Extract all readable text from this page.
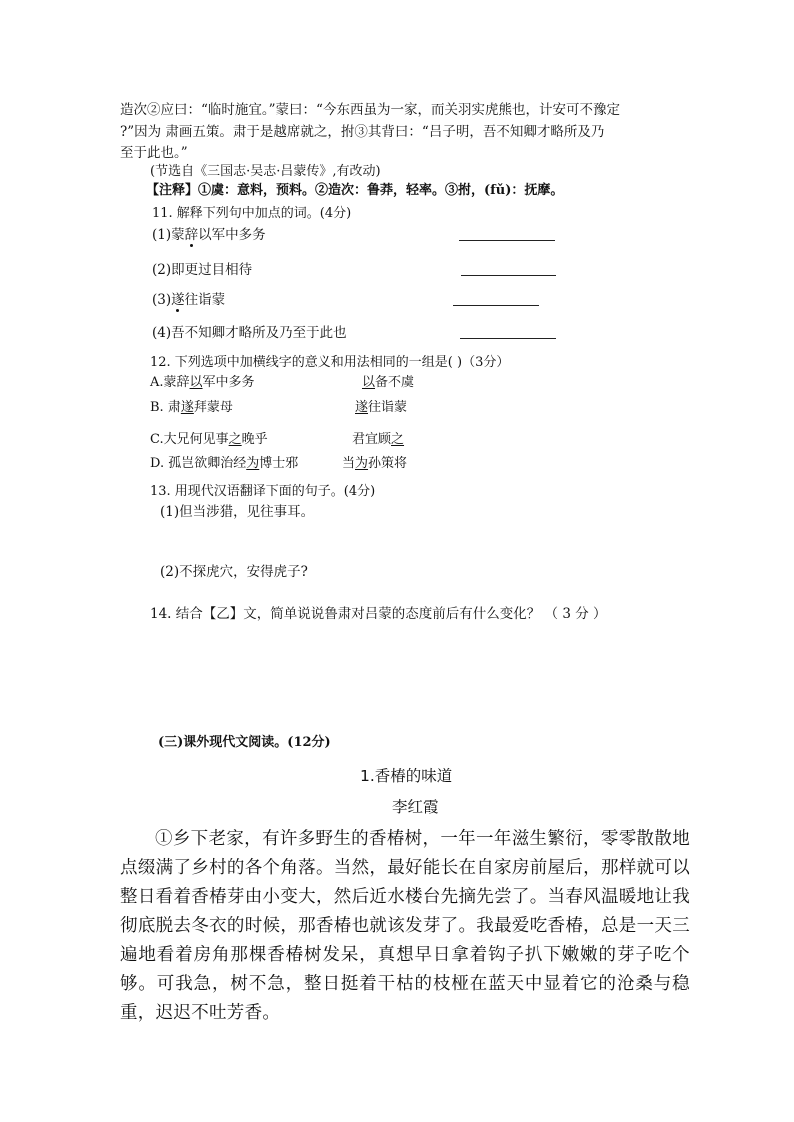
造次②应曰：“临时施宜。”蒙曰：“今东西虽为一家，而关羽实虎熊也，计安可不豫定
?”因为 肃画五策。肃于是越席就之，拊③其背曰：“吕子明，吾不知卿才略所及乃
至于此也。”
(节选自《三国志·吴志·吕蒙传》,有改动)
【注释】①虞：意料，预料。②造次：鲁莽，轻率。③拊，(fǔ)：抚摩。
11. 解释下列句中加点的词。(4分)
(1)蒙辞以军中多务
(2)即更过目相待
(3)遂往诣蒙
(4)吾不知卿才略所及乃至于此也
12. 下列选项中加横线字的意义和用法相同的一组是( )（3分）
A.蒙辞以军中多务	以备不虞
B. 肃遂拜蒙母	遂往诣蒙
C.大兄何见事之晚乎	君宜顾之
D. 孤岂欲卿治经为博士邪	当为孙策将
13. 用现代汉语翻译下面的句子。(4分)
(1)但当涉猎，见往事耳。
(2)不探虎穴，安得虎子?
14. 结合【乙】文，简单说说鲁肃对吕蒙的态度前后有什么变化？ （ 3 分 ）
(三)课外现代文阅读。(12分)
1.香椿的味道
李红霞
①乡下老家，有许多野生的香椿树，一年一年滋生繁衍，零零散散地点缀满了乡村的各个角落。当然，最好能长在自家房前屋后，那样就可以整日看着香椿芽由小变大，然后近水楼台先摘先尝了。当春风温暖地让我彻底脱去冬衣的时候，那香椿也就该发芽了。我最爱吃香椿，总是一天三遍地看着房角那棵香椿树发呆，真想早日拿着钩子扒下嫩嫩的芽子吃个够。可我急，树不急，整日挺着干枯的枝桠在蓝天中显着它的沧桑与稳重，迟迟不吐芳香。
